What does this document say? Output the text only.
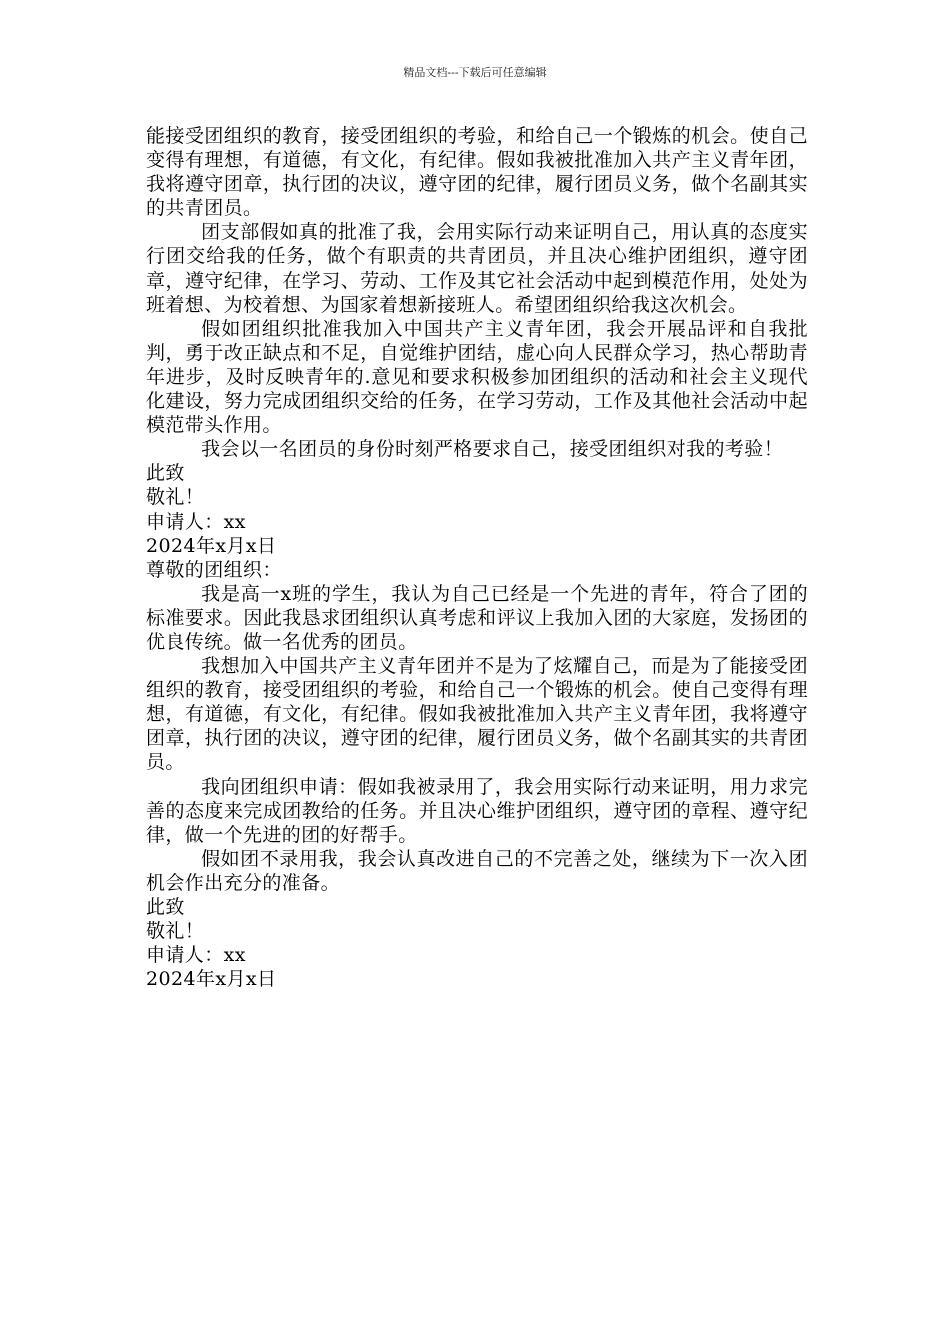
精品文档---下载后可任意编辑

能接受团组织的教育，接受团组织的考验，和给自己一个锻炼的机会。使自己变得有理想，有道德，有文化，有纪律。假如我被批准加入共产主义青年团，我将遵守团章，执行团的决议，遵守团的纪律，履行团员义务，做个名副其实的共青团员。

团支部假如真的批准了我，会用实际行动来证明自己，用认真的态度实行团交给我的任务，做个有职责的共青团员，并且决心维护团组织，遵守团章，遵守纪律，在学习、劳动、工作及其它社会活动中起到模范作用，处处为班着想、为校着想、为国家着想新接班人。希望团组织给我这次机会。

假如团组织批准我加入中国共产主义青年团，我会开展品评和自我批判，勇于改正缺点和不足，自觉维护团结，虚心向人民群众学习，热心帮助青年进步，及时反映青年的.意见和要求积极参加团组织的活动和社会主义现代化建设，努力完成团组织交给的任务，在学习劳动，工作及其他社会活动中起模范带头作用。

我会以一名团员的身份时刻严格要求自己，接受团组织对我的考验！

此致

敬礼！

申请人：xx

2024年x月x日

尊敬的团组织：

我是高一x班的学生，我认为自己已经是一个先进的青年，符合了团的标准要求。因此我恳求团组织认真考虑和评议上我加入团的大家庭，发扬团的优良传统。做一名优秀的团员。

我想加入中国共产主义青年团并不是为了炫耀自己，而是为了能接受团组织的教育，接受团组织的考验，和给自己一个锻炼的机会。使自己变得有理想，有道德，有文化，有纪律。假如我被批准加入共产主义青年团，我将遵守团章，执行团的决议，遵守团的纪律，履行团员义务，做个名副其实的共青团员。

我向团组织申请：假如我被录用了，我会用实际行动来证明，用力求完善的态度来完成团教给的任务。并且决心维护团组织，遵守团的章程、遵守纪律，做一个先进的团的好帮手。

假如团不录用我，我会认真改进自己的不完善之处，继续为下一次入团机会作出充分的准备。

此致

敬礼！

申请人：xx

2024年x月x日
